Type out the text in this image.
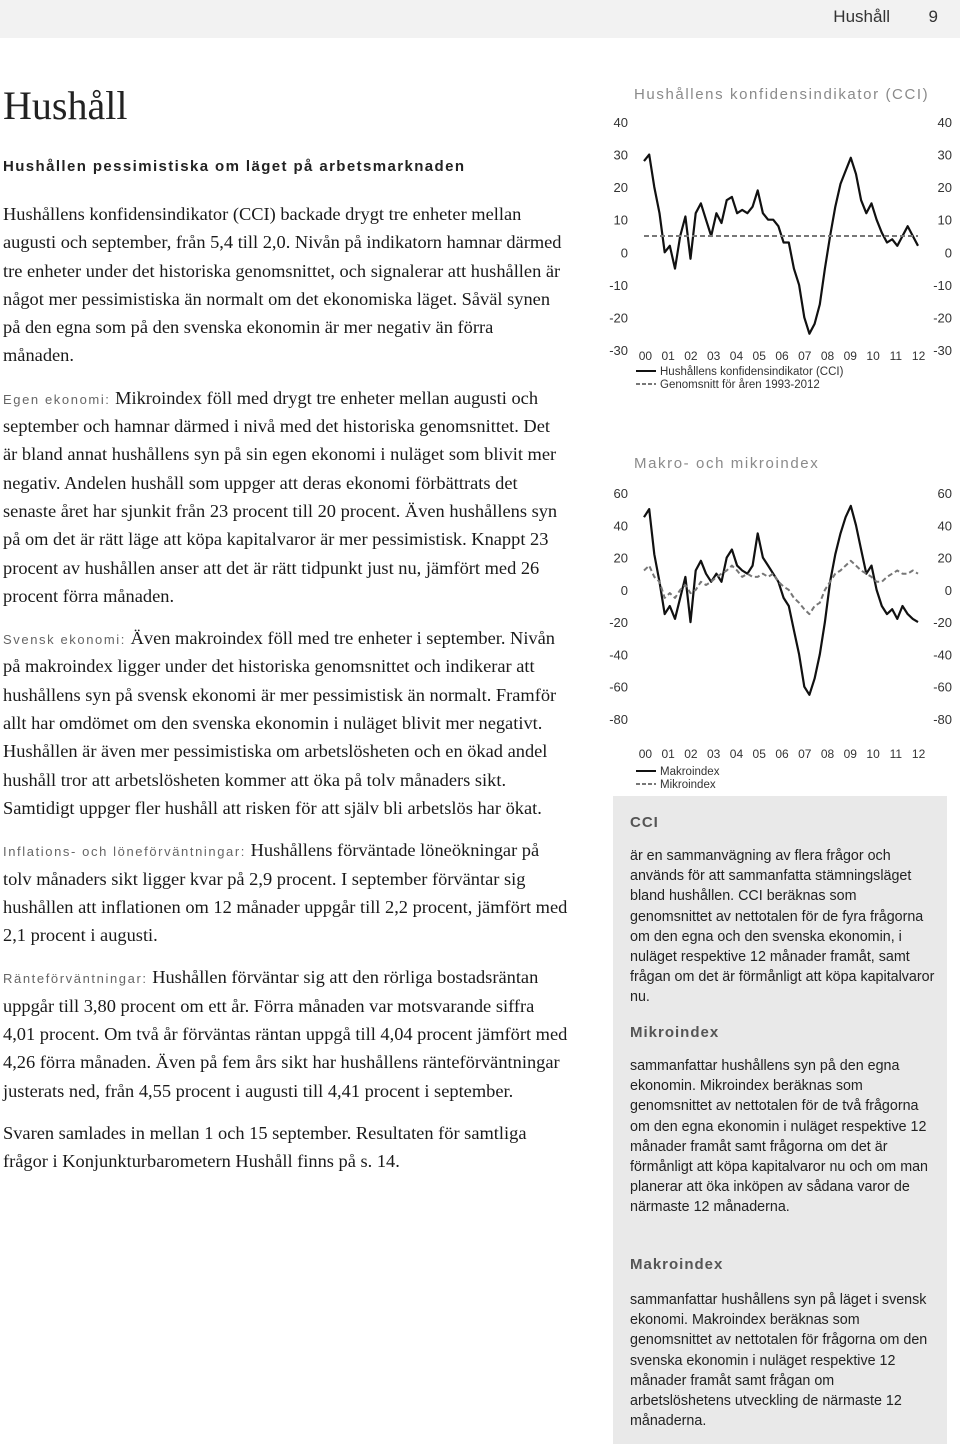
Hushåll 9
Hushåll
Hushållen pessimistiska om läget på arbetsmarknaden

Hushållens konfidensindikator (CCI) backade drygt tre enheter mellan augusti och september, från 5,4 till 2,0. Nivån på indikatorn hamnar därmed tre enheter under det historiska genomsnittet, och signalerar att hushållen är något mer pessimistiska än normalt om det ekonomiska läget. Såväl synen på den egna som på den svenska ekonomin är mer negativ än förra månaden.

Egen ekonomi: Mikroindex föll med drygt tre enheter mellan augusti och september och hamnar därmed i nivå med det historiska genomsnittet. Det är bland annat hushållens syn på sin egen ekonomi i nuläget som blivit mer negativ. Andelen hushåll som uppger att deras ekonomi förbättrats det senaste året har sjunkit från 23 procent till 20 procent. Även hushållens syn på om det är rätt läge att köpa kapitalvaror är mer pessimistisk. Knappt 23 procent av hushållen anser att det är rätt tidpunkt just nu, jämfört med 26 procent förra månaden.

Svensk ekonomi: Även makroindex föll med tre enheter i september. Nivån på makroindex ligger under det historiska genomsnittet och indikerar att hushållens syn på svensk ekonomi är mer pessimistisk än normalt. Framför allt har omdömet om den svenska ekonomin i nuläget blivit mer negativt. Hushållen är även mer pessimistiska om arbetslösheten och en ökad andel hushåll tror att arbetslösheten kommer att öka på tolv månaders sikt. Samtidigt uppger fler hushåll att risken för att själv bli arbetslös har ökat.

Inflations- och löneförväntningar: Hushållens förväntade löneökningar på tolv månaders sikt ligger kvar på 2,9 procent. I september förväntar sig hushållen att inflationen om 12 månader uppgår till 2,2 procent, jämfört med 2,1 procent i augusti.

Ränteförväntningar: Hushållen förväntar sig att den rörliga bostadsräntan uppgår till 3,80 procent om ett år. Förra månaden var motsvarande siffra 4,01 procent. Om två år förväntas räntan uppgå till 4,04 procent jämfört med 4,26 förra månaden. Även på fem års sikt har hushållens ränteförväntningar justerats ned, från 4,55 procent i augusti till 4,41 procent i september.

Svaren samlades in mellan 1 och 15 september. Resultaten för samtliga frågor i Konjunkturbarometern Hushåll finns på s. 14.

Hushållens konfidensindikator (CCI)
40	40
30	30
20	20
10	10
0	0
-10	-10
-20	-20
-30	-30
00 01 02 03 04 05 06 07 08 09 10 11 12
Hushållens konfidensindikator (CCI)
Genomsnitt för åren 1993-2012
Makro- och mikroindex
60	60
40	40
20	20
0	0
-20	-20
-40	-40
-60	-60
-80	-80
00 01 02 03 04 05 06 07 08 09 10 11 12
Makroindex
Mikroindex
CCI

är en sammanvägning av flera frågor och används för att sammanfatta stämningsläget bland hushållen. CCI beräknas som genomsnittet av nettotalen för de fyra frågorna om den egna och den svenska ekonomin, i nuläget respektive 12 månader framåt, samt frågan om det är förmånligt att köpa kapitalvaror nu.

Mikroindex

sammanfattar hushållens syn på den egna ekonomin. Mikroindex beräknas som genomsnittet av nettotalen för de två frågorna om den egna ekonomin i nuläget respektive 12 månader framåt samt frågorna om det är förmånligt att köpa kapitalvaror nu och om man planerar att öka inköpen av sådana varor de närmaste 12 månaderna.

Makroindex

sammanfattar hushållens syn på läget i svensk ekonomi. Makroindex beräknas som genomsnittet av nettotalen för frågorna om den svenska ekonomin i nuläget respektive 12 månader framåt samt frågan om arbetslöshetens utveckling de närmaste 12 månaderna.
